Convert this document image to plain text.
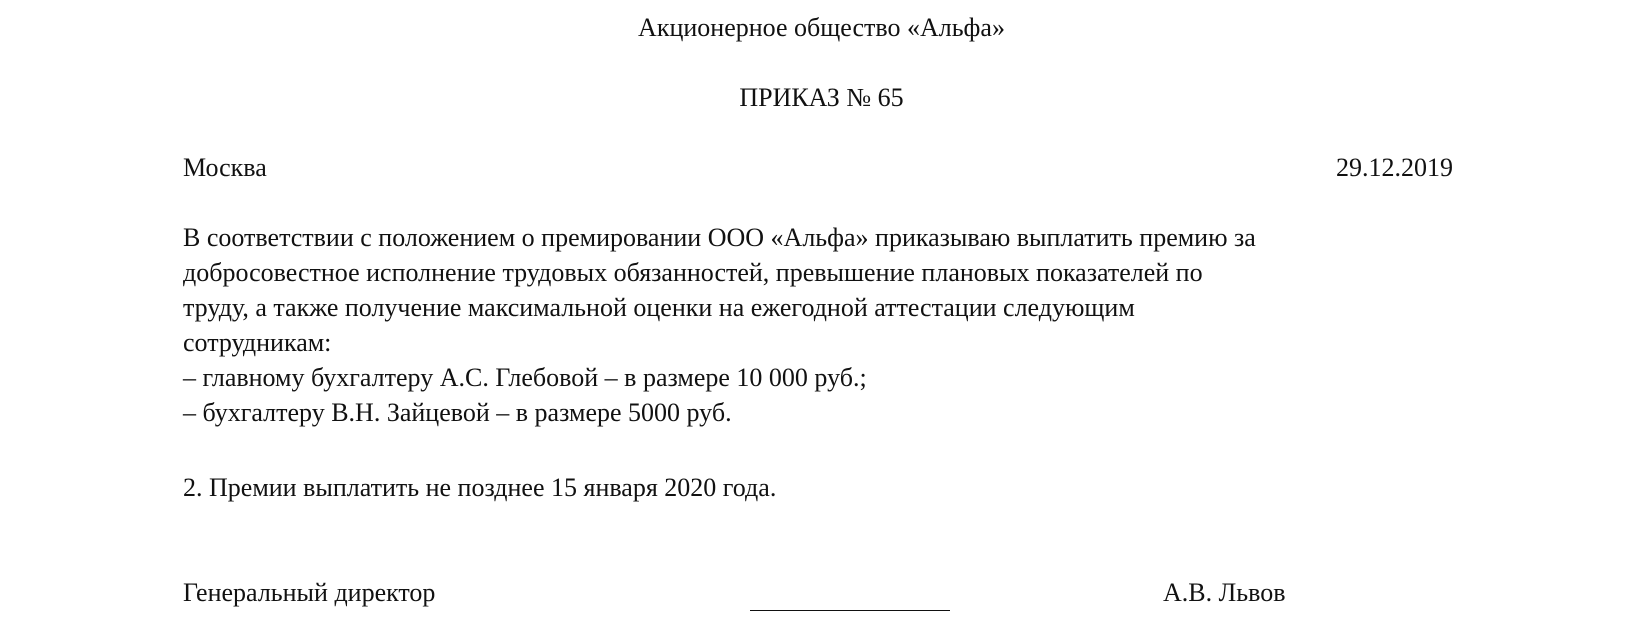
Акционерное общество «Альфа»
ПРИКАЗ № 65
Москва	29.12.2019

В соответствии с положением о премировании ООО «Альфа» приказываю выплатить премию за

добросовестное исполнение трудовых обязанностей, превышение плановых показателей по

труду, а также получение максимальной оценки на ежегодной аттестации следующим

сотрудникам:

– главному бухгалтеру А.С. Глебовой – в размере 10 000 руб.;

– бухгалтеру В.Н. Зайцевой – в размере 5000 руб.

2. Премии выплатить не позднее 15 января 2020 года.
Генеральный директор	А.В. Львов
